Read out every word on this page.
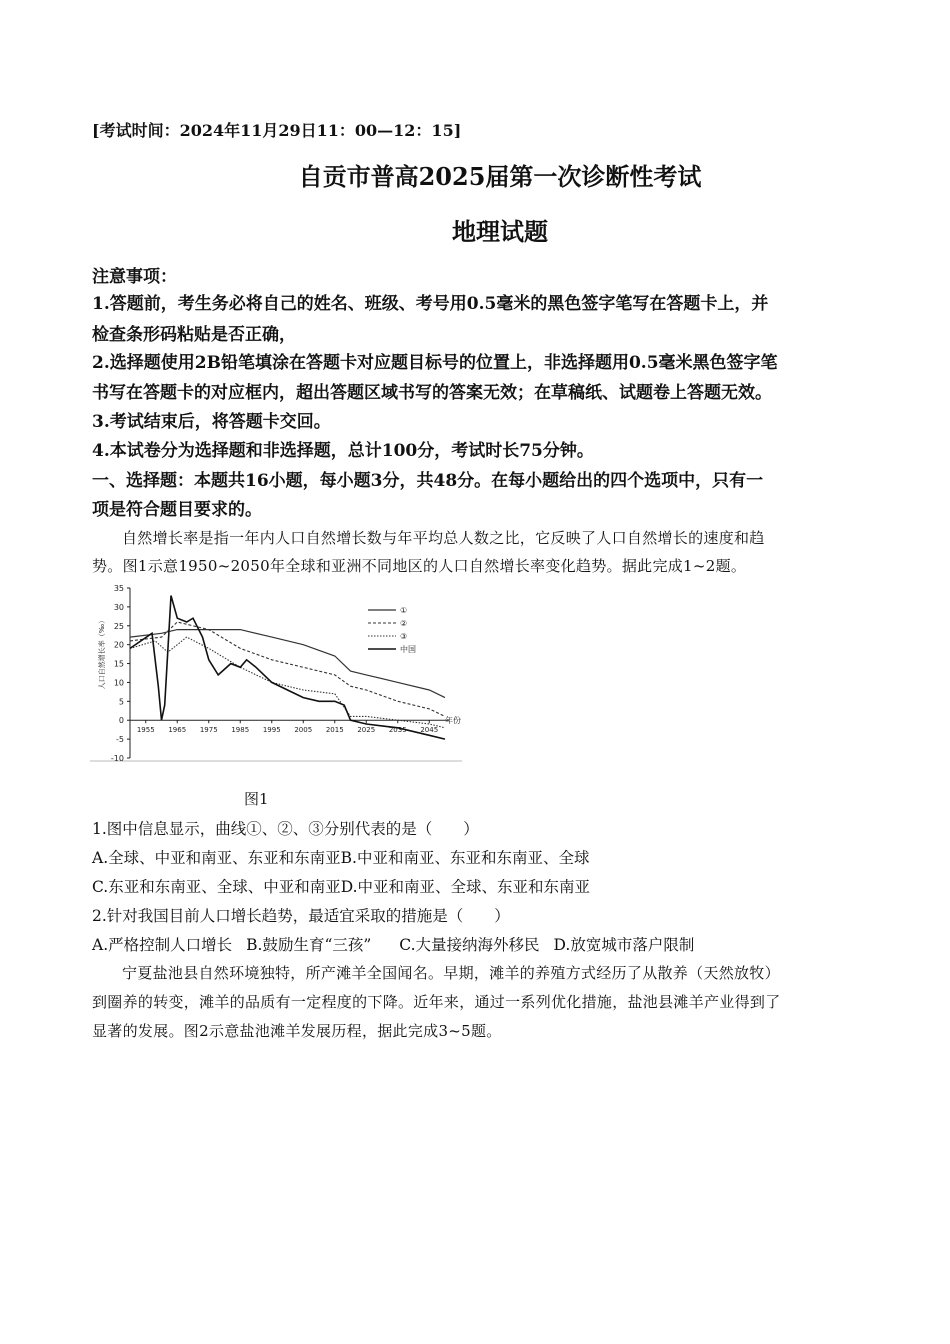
[考试时间：2024年11月29日11：00—12：15]
自贡市普高2025届第一次诊断性考试
地理试题
注意事项：
1.答题前，考生务必将自己的姓名、班级、考号用0.5毫米的黑色签字笔写在答题卡上，并
检查条形码粘贴是否正确，
2.选择题使用2B铅笔填涂在答题卡对应题目标号的位置上，非选择题用0.5毫米黑色签字笔
书写在答题卡的对应框内，超出答题区域书写的答案无效；在草稿纸、试题卷上答题无效。
3.考试结束后，将答题卡交回。
4.本试卷分为选择题和非选择题，总计100分，考试时长75分钟。
一、选择题：本题共16小题，每小题3分，共48分。在每小题给出的四个选项中，只有一
项是符合题目要求的。
自然增长率是指一年内人口自然增长数与年平均总人数之比，它反映了人口自然增长的速度和趋
势。图1示意1950~2050年全球和亚洲不同地区的人口自然增长率变化趋势。据此完成1~2题。
35
30
25
20
15
10
5
0
-5
-10
1955 1965 1975 1985 1995 2005 2015 2025 2035 2045
人口自然增长率（‰）
年份
①
②
③
中国
图1
1.图中信息显示，曲线①、②、③分别代表的是（　　）
A.全球、中亚和南亚、东亚和东南亚B.中亚和南亚、东亚和东南亚、全球
C.东亚和东南亚、全球、中亚和南亚D.中亚和南亚、全球、东亚和东南亚
2.针对我国目前人口增长趋势，最适宜采取的措施是（　　）
A.严格控制人口增长 B.鼓励生育“三孩” C.大量接纳海外移民 D.放宽城市落户限制
宁夏盐池县自然环境独特，所产滩羊全国闻名。早期，滩羊的养殖方式经历了从散养（天然放牧）
到圈养的转变，滩羊的品质有一定程度的下降。近年来，通过一系列优化措施，盐池县滩羊产业得到了
显著的发展。图2示意盐池滩羊发展历程，据此完成3~5题。
